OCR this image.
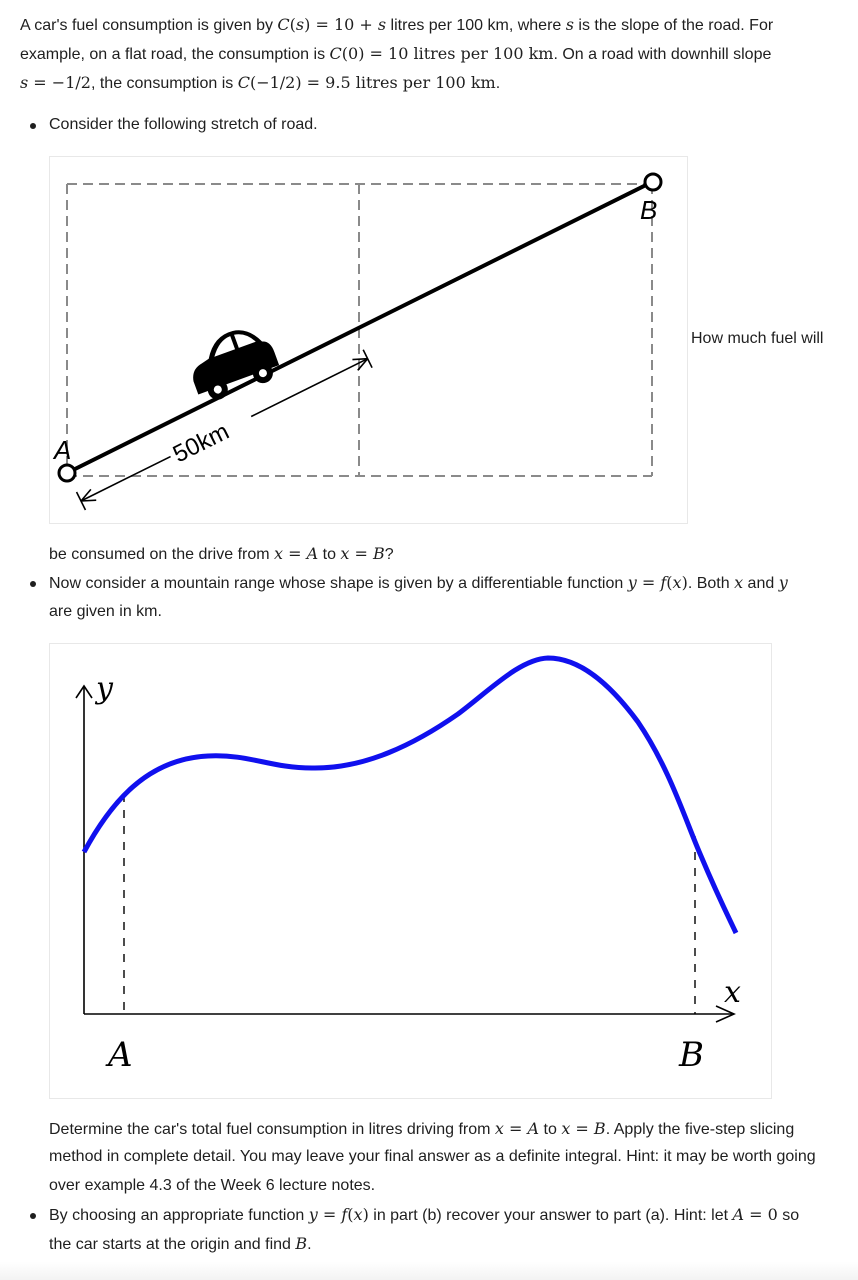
A car's fuel consumption is given by C(s) = 10 + s litres per 100 km, where s is the slope of the road. For
example, on a flat road, the consumption is C(0) = 10 litres per 100 km. On a road with downhill slope
s = −1/2, the consumption is C(−1/2) = 9.5 litres per 100 km.
Consider the following stretch of road.
A
B
50km
How much fuel will
be consumed on the drive from x = A to x = B?
Now consider a mountain range whose shape is given by a differentiable function y = f(x). Both x and y
are given in km.
y
x
A	B
Determine the car's total fuel consumption in litres driving from x = A to x = B. Apply the five-step slicing
method in complete detail. You may leave your final answer as a definite integral. Hint: it may be worth going
over example 4.3 of the Week 6 lecture notes.
By choosing an appropriate function y = f(x) in part (b) recover your answer to part (a). Hint: let A = 0 so
the car starts at the origin and find B.
